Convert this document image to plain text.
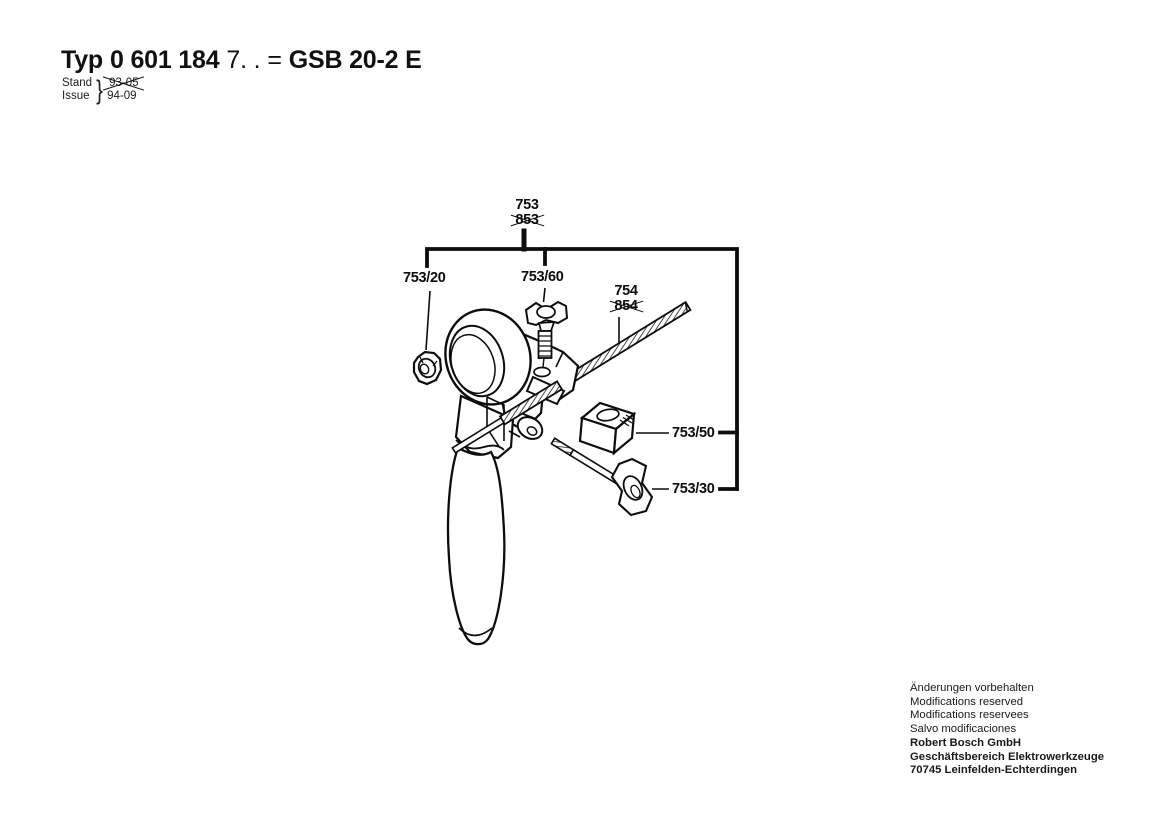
Typ 0 601 184 7. . = GSB 20-2 E
Stand
Issue } 93-05
94-09
753
853
753/20	753/60
754
854
753/50
753/30
Änderungen vorbehalten
Modifications reserved
Modifications reservees
Salvo modificaciones
Robert Bosch GmbH
Geschäftsbereich Elektrowerkzeuge
70745 Leinfelden-Echterdingen
